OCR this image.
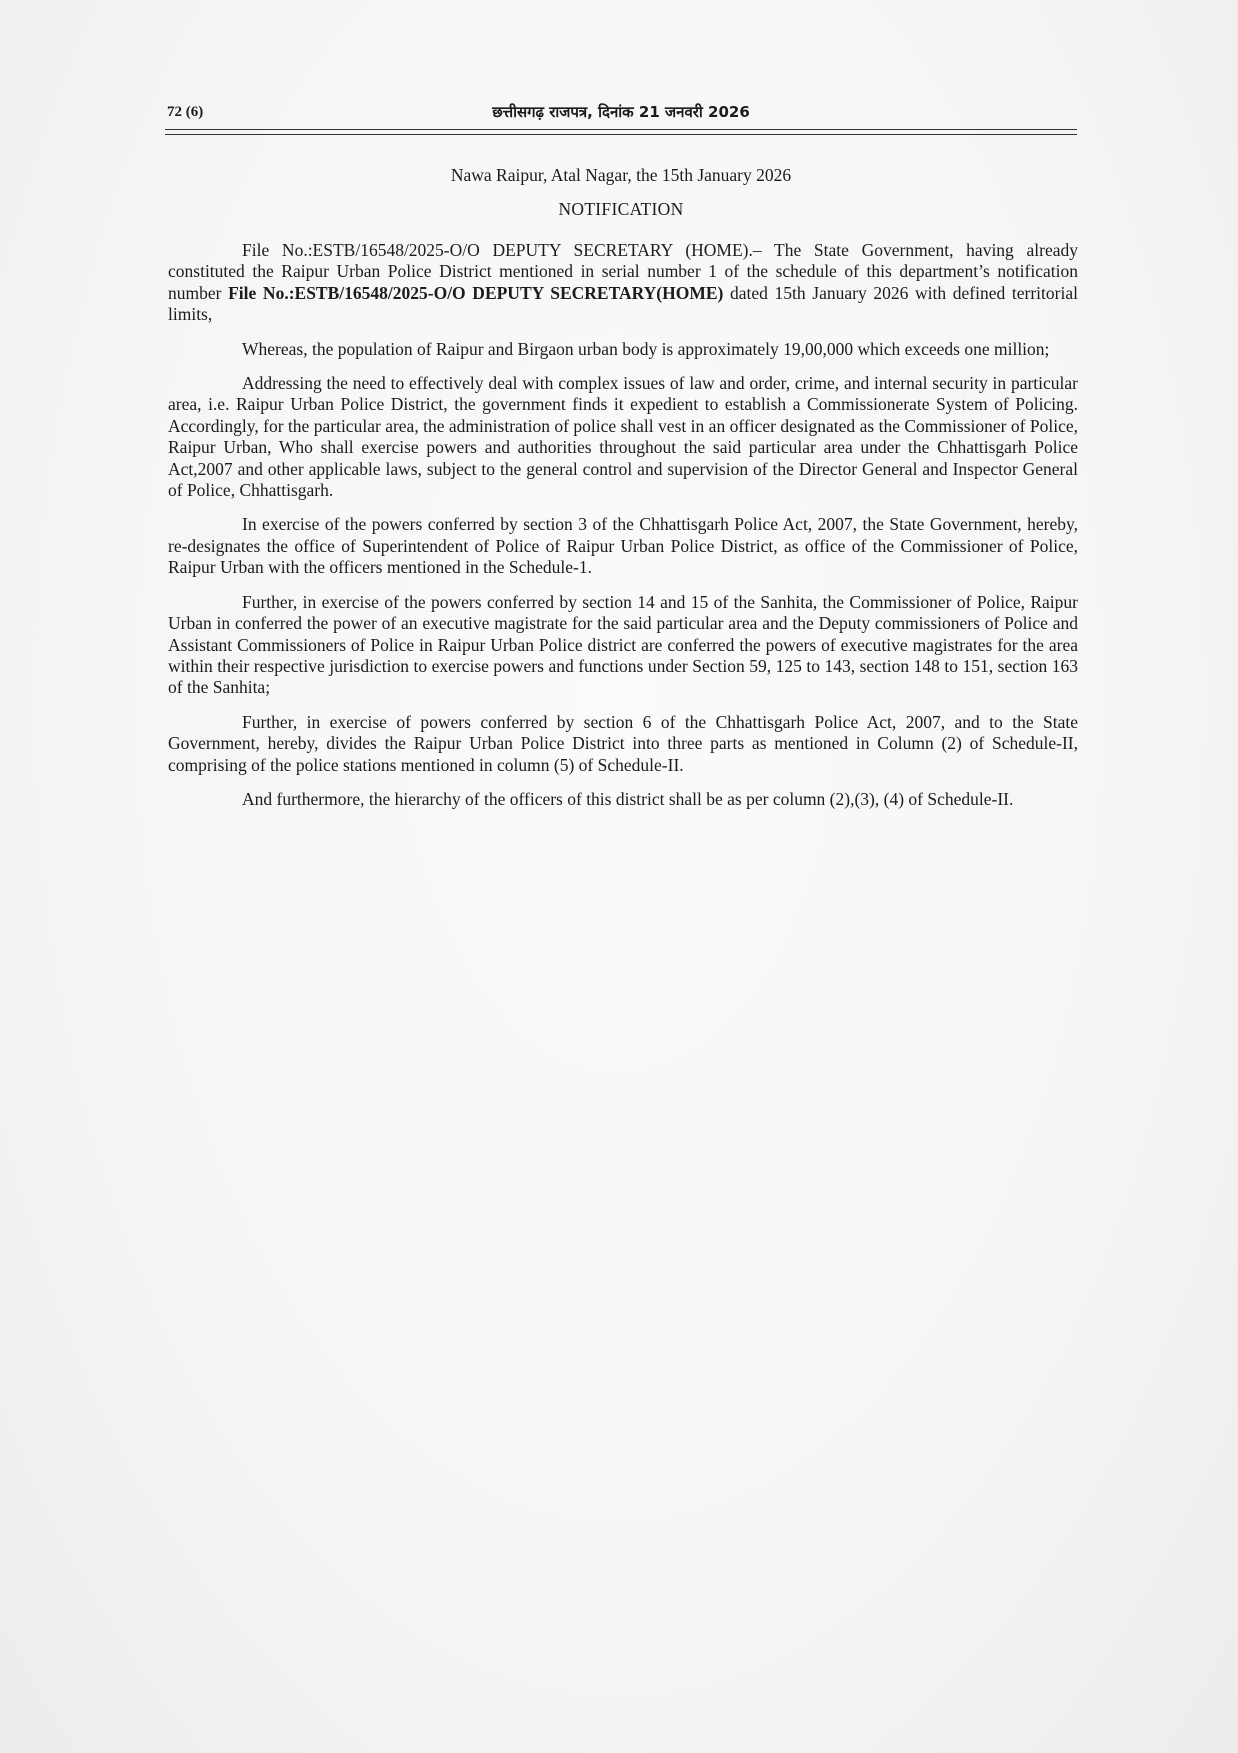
72 (6)	छत्तीसगढ़ राजपत्र, दिनांक 21 जनवरी 2026
Nawa Raipur, Atal Nagar, the 15th January 2026
NOTIFICATION

File No.:ESTB/16548/2025-O/O DEPUTY SECRETARY (HOME).– The State Government, having already constituted the Raipur Urban Police District mentioned in serial number 1 of the schedule of this department’s notification number File No.:ESTB/16548/2025-O/O DEPUTY SECRETARY(HOME) dated 15th January 2026 with defined territorial limits,

Whereas, the population of Raipur and Birgaon urban body is approximately 19,00,000 which exceeds one million;

Addressing the need to effectively deal with complex issues of law and order, crime, and internal security in particular area, i.e. Raipur Urban Police District, the government finds it expedient to establish a Commissionerate System of Policing. Accordingly, for the particular area, the administration of police shall vest in an officer designated as the Commissioner of Police, Raipur Urban, Who shall exercise powers and authorities throughout the said particular area under the Chhattisgarh Police Act,2007 and other applicable laws, subject to the general control and supervision of the Director General and Inspector General of Police, Chhattisgarh.

In exercise of the powers conferred by section 3 of the Chhattisgarh Police Act, 2007, the State Government, hereby, re-designates the office of Superintendent of Police of Raipur Urban Police District, as office of the Commissioner of Police, Raipur Urban with the officers mentioned in the Schedule-1.

Further, in exercise of the powers conferred by section 14 and 15 of the Sanhita, the Commissioner of Police, Raipur Urban in conferred the power of an executive magistrate for the said particular area and the Deputy commissioners of Police and Assistant Commissioners of Police in Raipur Urban Police district are conferred the powers of executive magistrates for the area within their respective jurisdiction to exercise powers and functions under Section 59, 125 to 143, section 148 to 151, section 163 of the Sanhita;

Further, in exercise of powers conferred by section 6 of the Chhattisgarh Police Act, 2007, and to the State Government, hereby, divides the Raipur Urban Police District into three parts as mentioned in Column (2) of Schedule-II, comprising of the police stations mentioned in column (5) of Schedule-II.

And furthermore, the hierarchy of the officers of this district shall be as per column (2),(3), (4) of Schedule-II.
